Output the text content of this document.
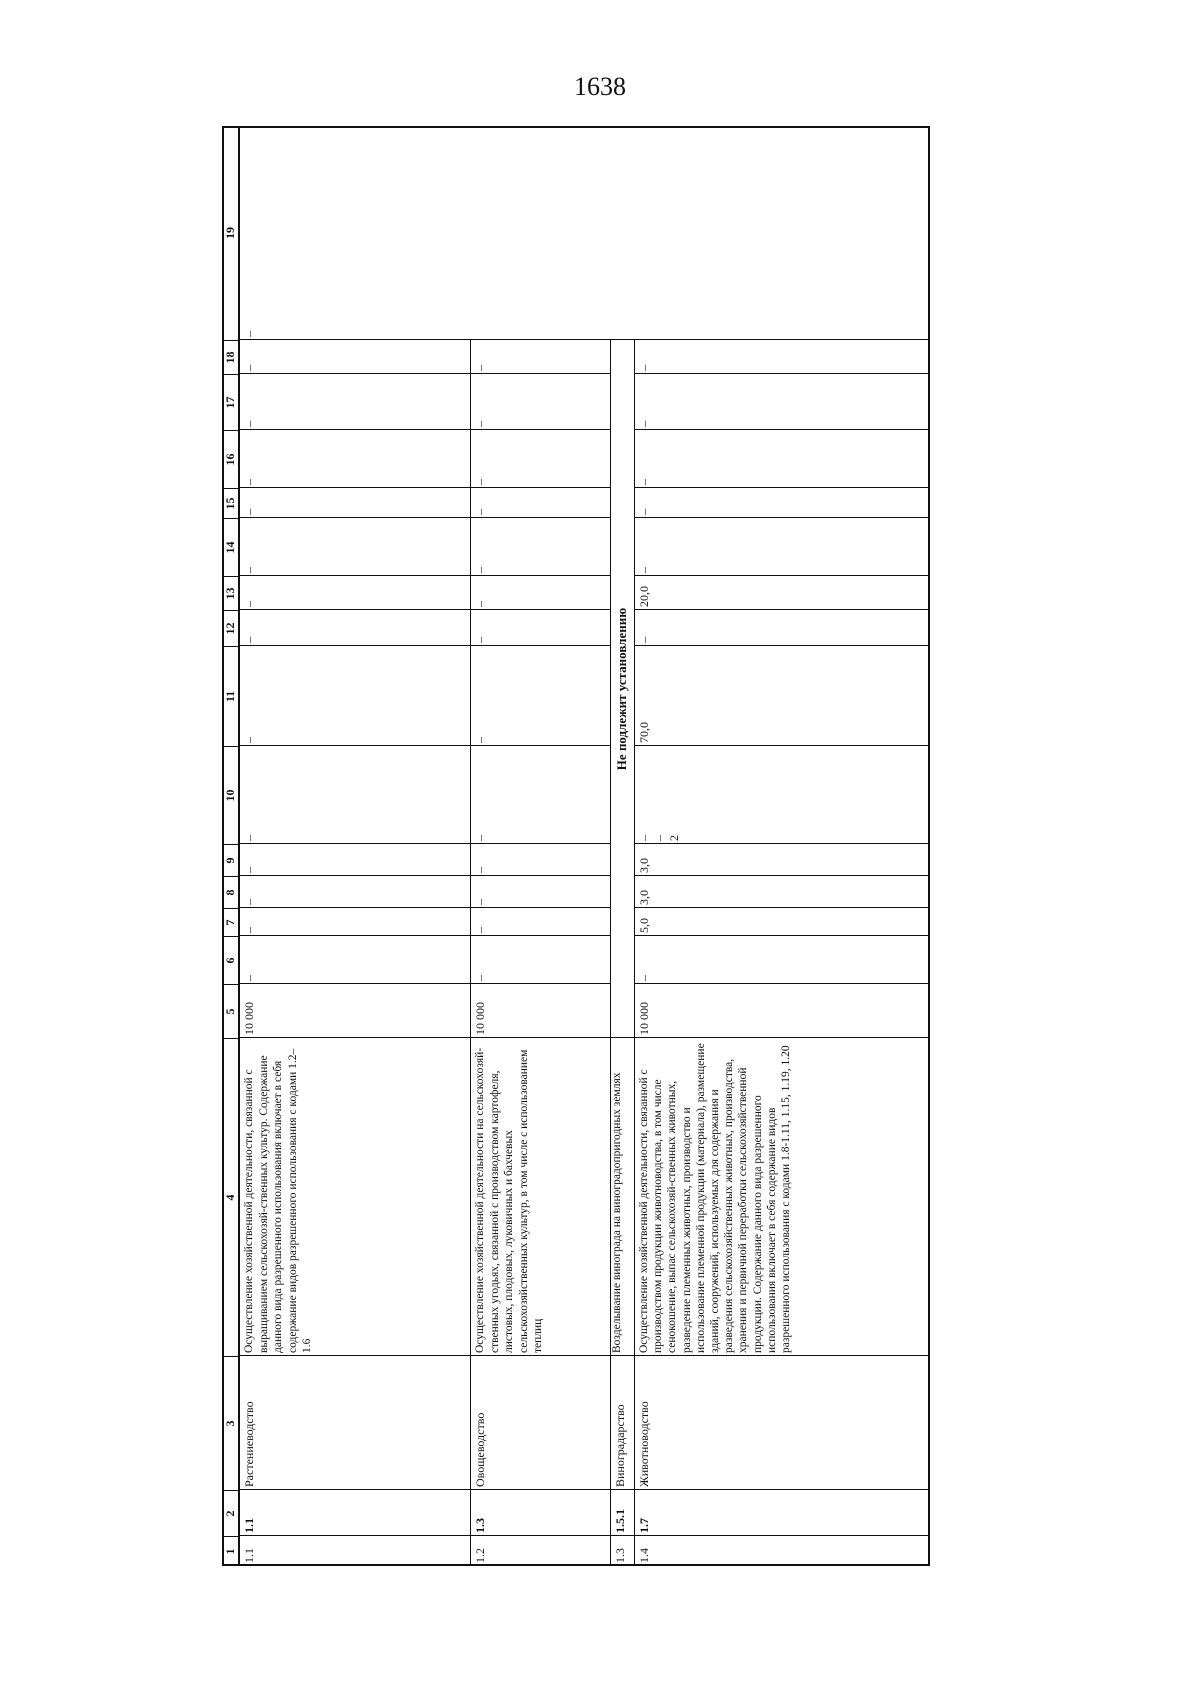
1638
1
2
3
4
5
6
7
8
9
10
11
12
13
14
15
16
17
18
19
1.1
1.1
Растениеводство
Осуществление хозяйственной деятельности, связанной с выращиванием сельскохозяй-ственных культур. Содержание данного вида разрешенного использования включает в себя содержание видов разрешенного использования с кодами 1.2–1.6
10 000
–
–
–
–
–
–
–
–
–
–
–
–
–
1.2
1.3
Овощеводство
Осуществление хозяйственной деятельности на сельскохозяй-ственных угодьях, связанной с производством картофеля, листовых, плодовых, луковичных и бахчевых сельскохозяйственных культур, в том числе с использованием теплиц
10 000
–
–
–
–
–
–
–
–
–
–
–
–
–
1.3
1.5.1
Виноградарство
Возделывание винограда на виноградопригодных землях
Не подлежит установлению
1.4
1.7
Животноводство
Осуществление хозяйственной деятельности, связанной с производством продукции животноводства, в том числе сенокошение, выпас сельскохозяй-ственных животных, разведение племенных животных, производство и использование племенной продукции (материала), размещение зданий, сооружений, используемых для содержания и разведения сельскохозяйственных животных, производства, хранения и первичной переработки сельскохозяйственной продукции. Содержание данного вида разрешенного использования включает в себя содержание видов разрешенного использования с кодами 1.8-1.11, 1.15, 1.19, 1.20
10 000
–
5,0
3,0
3,0
– – 2
70,0
–
20,0
–
–
–
–
–
–
